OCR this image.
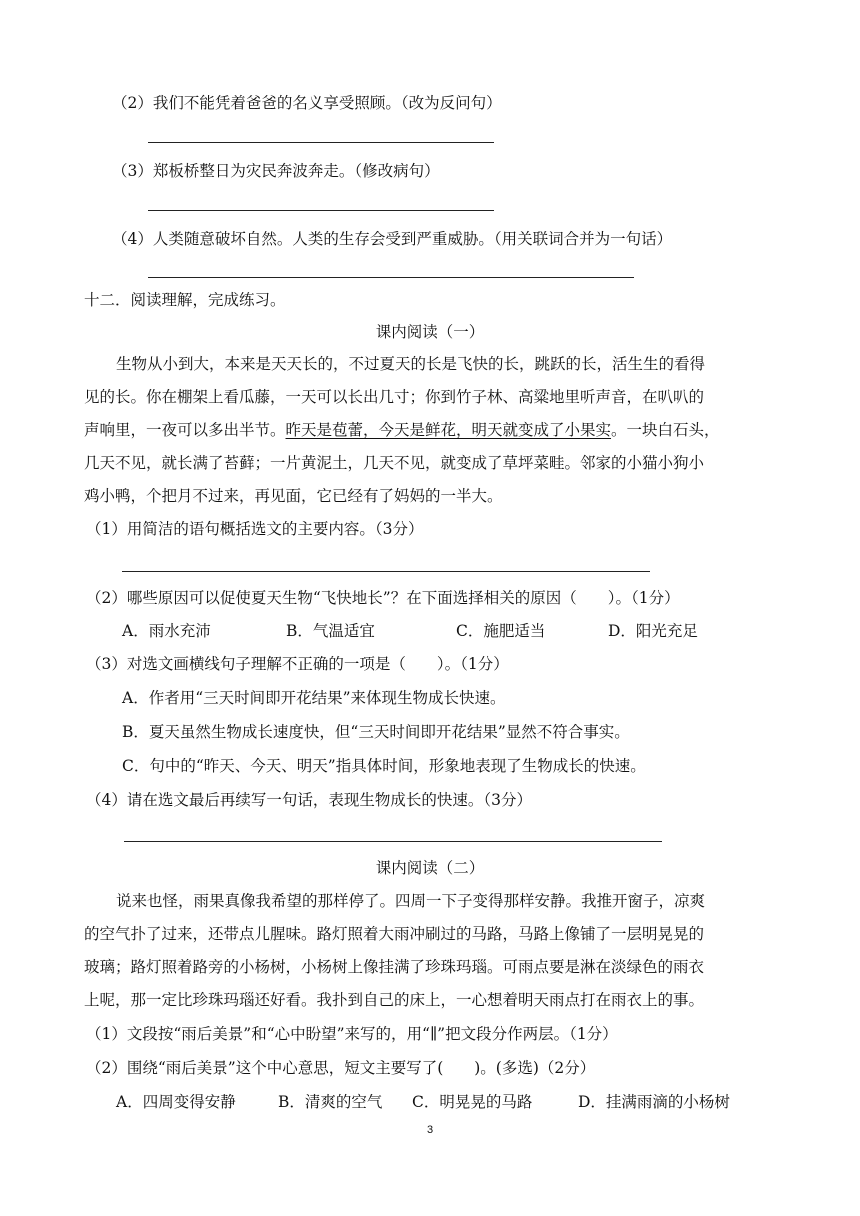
（2）我们不能凭着爸爸的名义享受照顾。（改为反问句）
（3）郑板桥整日为灾民奔波奔走。（修改病句）
（4）人类随意破坏自然。人类的生存会受到严重威胁。（用关联词合并为一句话）
十二．阅读理解，完成练习。
课内阅读（一）
生物从小到大，本来是天天长的，不过夏天的长是飞快的长，跳跃的长，活生生的看得
见的长。你在棚架上看瓜藤，一天可以长出几寸；你到竹子林、高粱地里听声音，在叭叭的
声响里，一夜可以多出半节。昨天是苞蕾，今天是鲜花，明天就变成了小果实。一块白石头，
几天不见，就长满了苔藓；一片黄泥土，几天不见，就变成了草坪菜畦。邻家的小猫小狗小
鸡小鸭，个把月不过来，再见面，它已经有了妈妈的一半大。
（1）用简洁的语句概括选文的主要内容。（3分）
（2）哪些原因可以促使夏天生物“飞快地长”？在下面选择相关的原因（　　）。（1分）
A．雨水充沛	B．气温适宜	C．施肥适当	D．阳光充足
（3）对选文画横线句子理解不正确的一项是（　　）。（1分）
A．作者用“三天时间即开花结果”来体现生物成长快速。
B．夏天虽然生物成长速度快，但“三天时间即开花结果”显然不符合事实。
C．句中的“昨天、今天、明天”指具体时间，形象地表现了生物成长的快速。
（4）请在选文最后再续写一句话，表现生物成长的快速。（3分）
课内阅读（二）
说来也怪，雨果真像我希望的那样停了。四周一下子变得那样安静。我推开窗子，凉爽
的空气扑了过来，还带点儿腥味。路灯照着大雨冲刷过的马路，马路上像铺了一层明晃晃的
玻璃；路灯照着路旁的小杨树，小杨树上像挂满了珍珠玛瑙。可雨点要是淋在淡绿色的雨衣
上呢，那一定比珍珠玛瑙还好看。我扑到自己的床上，一心想着明天雨点打在雨衣上的事。
（1）文段按“雨后美景”和“心中盼望”来写的，用“∥”把文段分作两层。（1分）
（2）围绕“雨后美景”这个中心意思，短文主要写了(　　)。(多选)（2分）
A．四周变得安静	B．清爽的空气 C．明晃晃的马路	D．挂满雨滴的小杨树
3
